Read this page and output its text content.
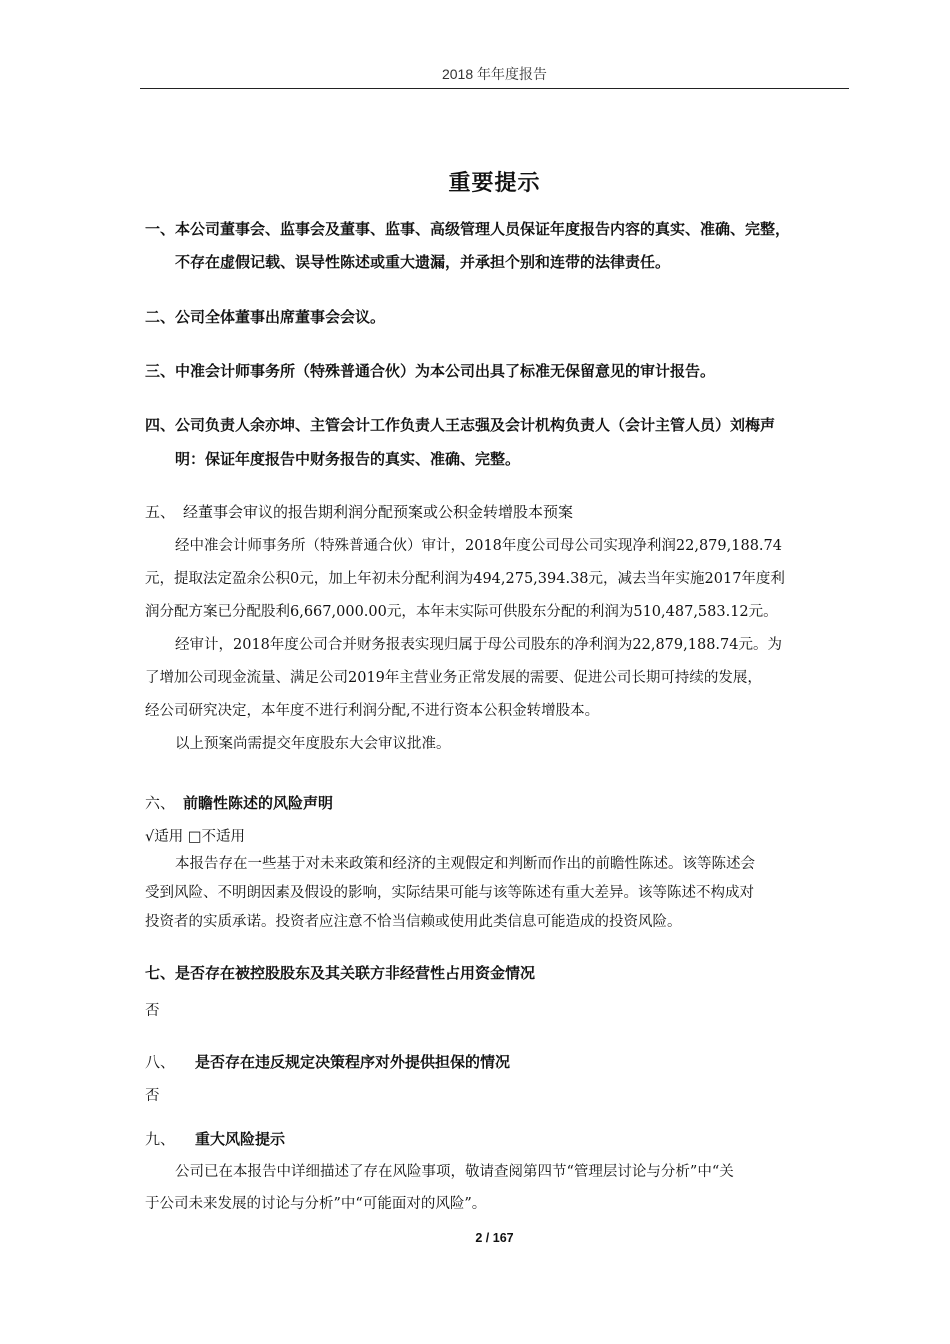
2018 年年度报告
重要提示
一、本公司董事会、监事会及董事、监事、高级管理人员保证年度报告内容的真实、准确、完整，
不存在虚假记载、误导性陈述或重大遗漏，并承担个别和连带的法律责任。
二、公司全体董事出席董事会会议。
三、中准会计师事务所（特殊普通合伙）为本公司出具了标准无保留意见的审计报告。
四、公司负责人余亦坤、主管会计工作负责人王志强及会计机构负责人（会计主管人员）刘梅声
明：保证年度报告中财务报告的真实、准确、完整。
五、 经董事会审议的报告期利润分配预案或公积金转增股本预案
经中准会计师事务所（特殊普通合伙）审计，2018年度公司母公司实现净利润22,879,188.74
元，提取法定盈余公积0元，加上年初未分配利润为494,275,394.38元，减去当年实施2017年度利
润分配方案已分配股利6,667,000.00元，本年末实际可供股东分配的利润为510,487,583.12元。
经审计，2018年度公司合并财务报表实现归属于母公司股东的净利润为22,879,188.74元。为
了增加公司现金流量、满足公司2019年主营业务正常发展的需要、促进公司长期可持续的发展，
经公司研究决定，本年度不进行利润分配,不进行资本公积金转增股本。
以上预案尚需提交年度股东大会审议批准。
六、 前瞻性陈述的风险声明
√适用 □不适用
本报告存在一些基于对未来政策和经济的主观假定和判断而作出的前瞻性陈述。该等陈述会
受到风险、不明朗因素及假设的影响，实际结果可能与该等陈述有重大差异。该等陈述不构成对
投资者的实质承诺。投资者应注意不恰当信赖或使用此类信息可能造成的投资风险。
七、是否存在被控股股东及其关联方非经营性占用资金情况
否
八、 是否存在违反规定决策程序对外提供担保的情况
否
九、 重大风险提示
公司已在本报告中详细描述了存在风险事项，敬请查阅第四节“管理层讨论与分析”中“关
于公司未来发展的讨论与分析”中“可能面对的风险”。
2 / 167
